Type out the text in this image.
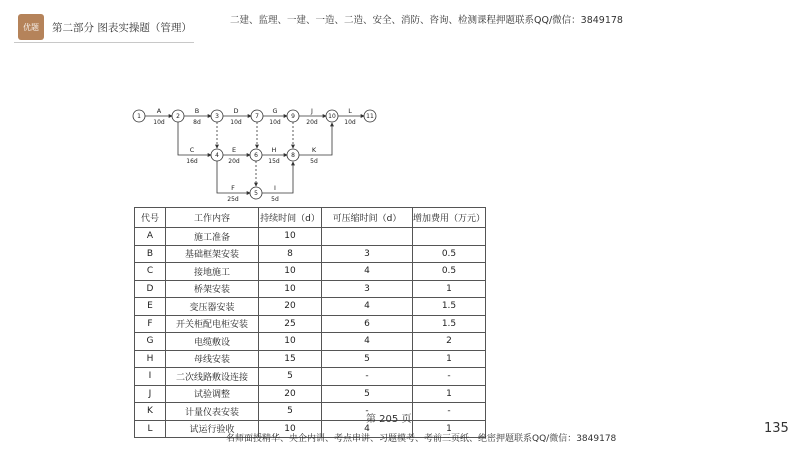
优题	第二部分 图表实操题（管理）
二建、监理、一建、一造、二造、安全、消防、咨询、检测课程押题联系QQ/微信：3849178
1	2	3
4
5
6
7
8
9	10	11
A	B
C
D
E
F
G
H
I
J
K
L
10d	8d
16d
10d
20d
25d
10d
15d
5d
20d
5d
10d

代号	工作内容	持续时间（d）	可压缩时间（d）	增加费用（万元）
A	施工准备	10		
B	基础框架安装	8	3	0.5
C	接地施工	10	4	0.5
D	桥架安装	10	3	1
E	变压器安装	20	4	1.5
F	开关柜配电柜安装	25	6	1.5
G	电缆敷设	10	4	2
H	母线安装	15	5	1
I	二次线路敷设连接	5	-	-
J	试验调整	20	5	1
K	计量仪表安装	5	-	-
L	试运行验收	10	4	1
第 205 页
135
名师面授精华、央企内训、考点串讲、习题模考、考前三页纸、绝密押题联系QQ/微信：3849178
